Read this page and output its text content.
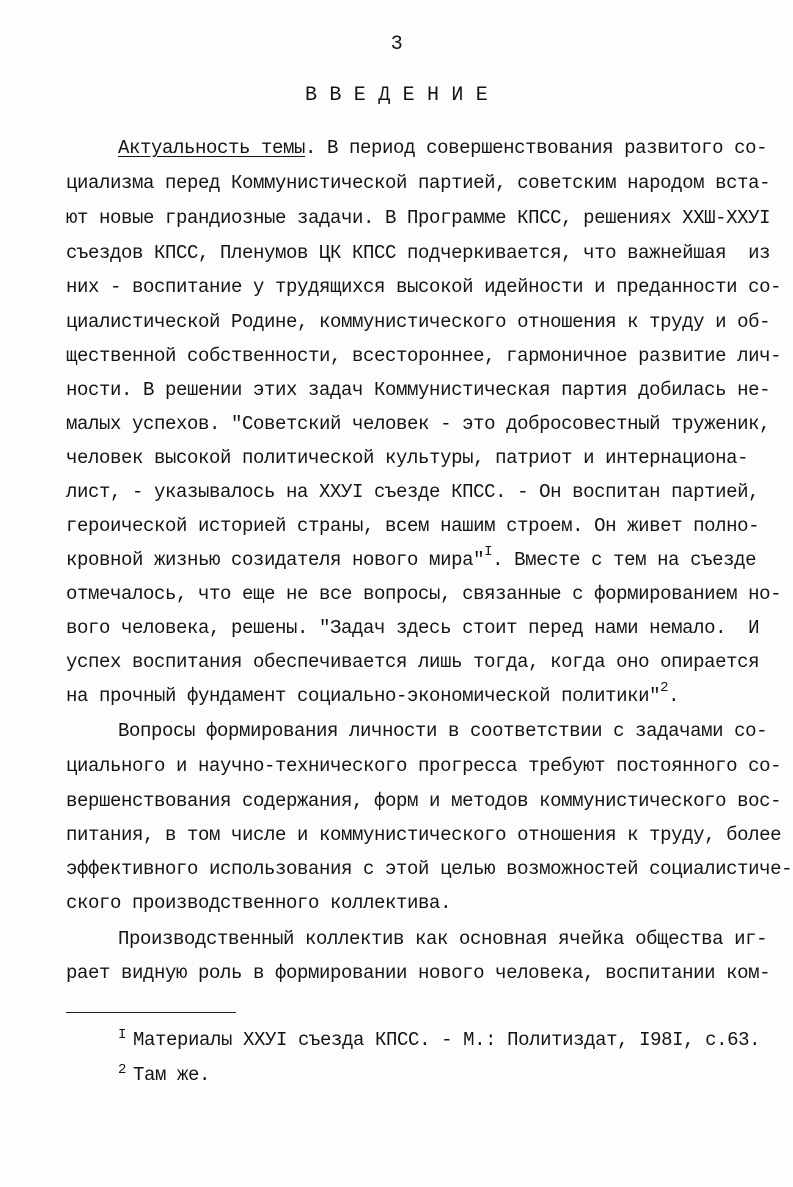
3
В В Е Д Е Н И Е
Актуальность темы. В период совершенствования развитого со-
циализма перед Коммунистической партией, советским народом вста-
ют новые грандиозные задачи. В Программе КПСС, решениях ХХШ-ХХУI
съездов КПСС, Пленумов ЦК КПСС подчеркивается, что важнейшая  из
них - воспитание у трудящихся высокой идейности и преданности со-
циалистической Родине, коммунистического отношения к труду и об-
щественной собственности, всестороннее, гармоничное развитие лич-
ности. В решении этих задач Коммунистическая партия добилась не-
малых успехов. "Советский человек - это добросовестный труженик,
человек высокой политической культуры, патриот и интернациона-
лист, - указывалось на ХХУI съезде КПСС. - Он воспитан партией,
героической историей страны, всем нашим строем. Он живет полно-
кровной жизнью созидателя нового мира"$^I$. Вместе с тем на съезде
отмечалось, что еще не все вопросы, связанные с формированием но-
вого человека, решены. "Задач здесь стоит перед нами немало.  И
успех воспитания обеспечивается лишь тогда, когда оно опирается
на прочный фундамент социально-экономической политики"$^2$.
Вопросы формирования личности в соответствии с задачами со-
циального и научно-технического прогресса требуют постоянного со-
вершенствования содержания, форм и методов коммунистического вос-
питания, в том числе и коммунистического отношения к труду, более
эффективного использования с этой целью возможностей социалистиче-
ского производственного коллектива.
Производственный коллектив как основная ячейка общества иг-
рает видную роль в формировании нового человека, воспитании ком-
$^I$ Материалы ХХУI съезда КПСС. - М.: Политиздат, I98I, с.63.
$^2$ Там же.
